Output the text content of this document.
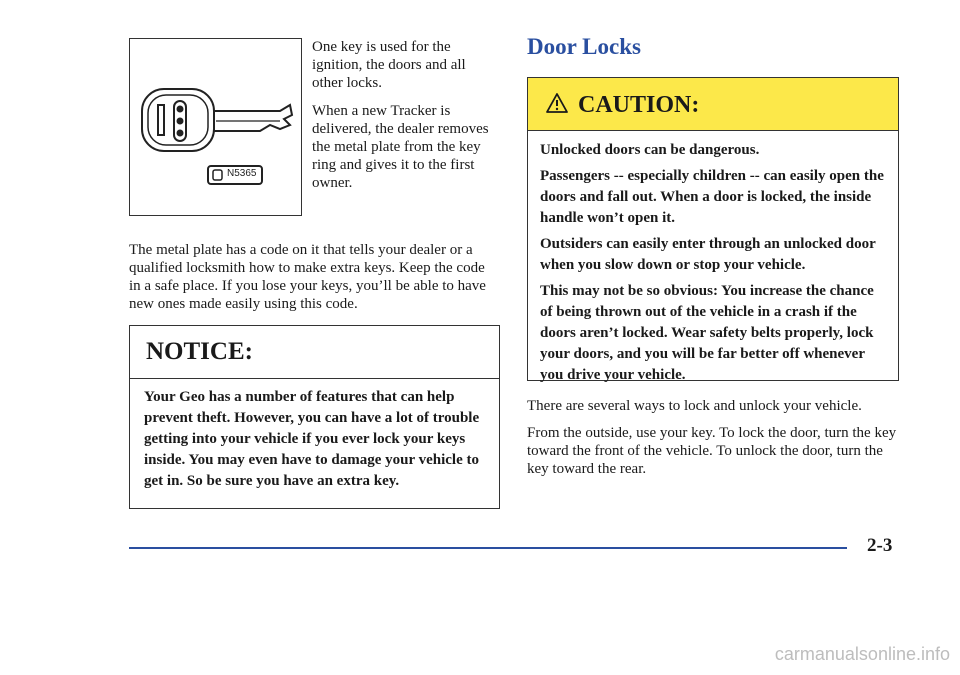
N5365

One key is used for the ignition, the doors and all other locks.

When a new Tracker is delivered, the dealer removes the metal plate from the key ring and gives it to the first owner.

The metal plate has a code on it that tells your dealer or a qualified locksmith how to make extra keys. Keep the code in a safe place. If you lose your keys, you’ll be able to have new ones made easily using this code.

NOTICE:

Your Geo has a number of features that can help prevent theft. However, you can have a lot of trouble getting into your vehicle if you ever lock your keys inside. You may even have to damage your vehicle to get in. So be sure you have an extra key.

Door Locks
CAUTION:

Unlocked doors can be dangerous.

Passengers -- especially children -- can easily open the doors and fall out. When a door is locked, the inside handle won’t open it.

Outsiders can easily enter through an unlocked door when you slow down or stop your vehicle.

This may not be so obvious: You increase the chance of being thrown out of the vehicle in a crash if the doors aren’t locked. Wear safety belts properly, lock your doors, and you will be far better off whenever you drive your vehicle.

There are several ways to lock and unlock your vehicle.

From the outside, use your key. To lock the door, turn the key toward the front of the vehicle. To unlock the door, turn the key toward the rear.

2-3
carmanualsonline.info
